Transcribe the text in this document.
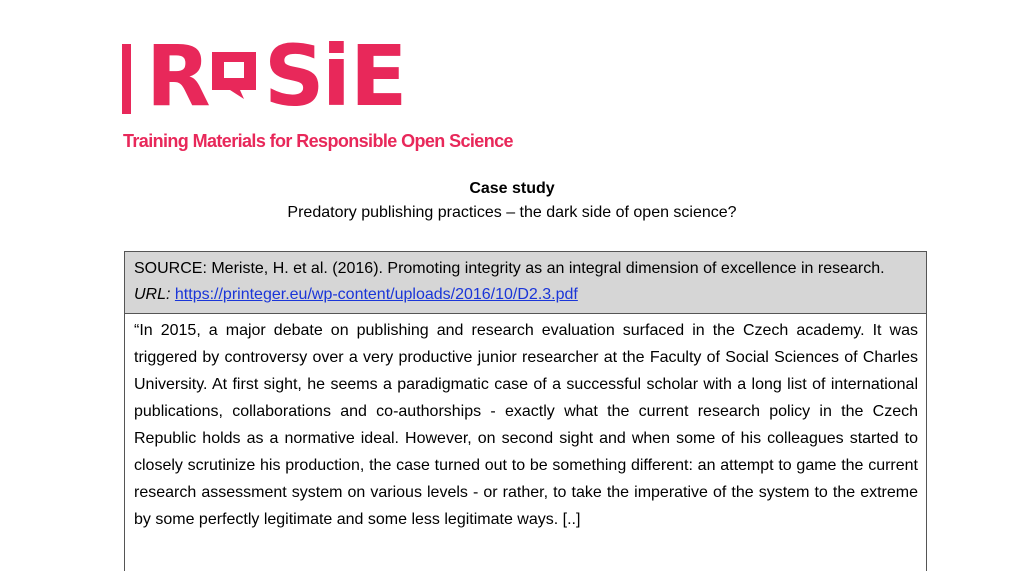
R S i E
Training Materials for Responsible Open Science
Case study
Predatory publishing practices – the dark side of open science?
SOURCE: Meriste, H. et al. (2016). Promoting integrity as an integral dimension of excellence in research. URL: https://printeger.eu/wp-content/uploads/2016/10/D2.3.pdf
“In 2015, a major debate on publishing and research evaluation surfaced in the Czech academy. It was triggered by controversy over a very productive junior researcher at the Faculty of Social Sciences of Charles University. At first sight, he seems a paradigmatic case of a successful scholar with a long list of international publications, collaborations and co-authorships - exactly what the current research policy in the Czech Republic holds as a normative ideal. However, on second sight and when some of his colleagues started to closely scrutinize his production, the case turned out to be something different: an attempt to game the current research assessment system on various levels - or rather, to take the imperative of the system to the extreme by some perfectly legitimate and some less legitimate ways. [..]
